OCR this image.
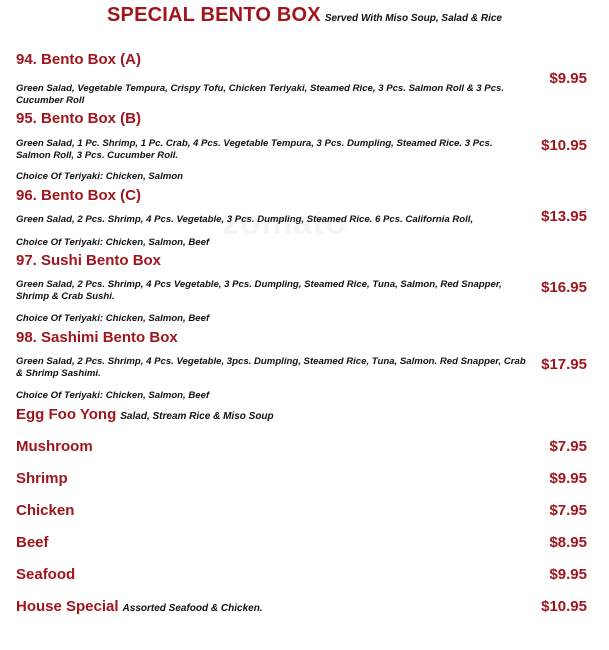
SPECIAL BENTO BOX Served With Miso Soup, Salad & Rice
94. Bento Box (A)
Green Salad, Vegetable Tempura, Crispy Tofu, Chicken Teriyaki, Steamed Rice, 3 Pcs. Salmon Roll & 3 Pcs. Cucumber Roll
$9.95
95. Bento Box (B)
Green Salad, 1 Pc. Shrimp, 1 Pc. Crab, 4 Pcs. Vegetable Tempura, 3 Pcs. Dumpling, Steamed Rice. 3 Pcs. Salmon Roll, 3 Pcs. Cucumber Roll.
Choice Of Teriyaki: Chicken, Salmon
$10.95
96. Bento Box (C)
Green Salad, 2 Pcs. Shrimp, 4 Pcs. Vegetable, 3 Pcs. Dumpling, Steamed Rice. 6 Pcs. California Roll,
Choice Of Teriyaki: Chicken, Salmon, Beef
$13.95
97. Sushi Bento Box
Green Salad, 2 Pcs. Shrimp, 4 Pcs Vegetable, 3 Pcs. Dumpling, Steamed Rice, Tuna, Salmon, Red Snapper, Shrimp & Crab Sushi.
Choice Of Teriyaki: Chicken, Salmon, Beef
$16.95
98. Sashimi Bento Box
Green Salad, 2 Pcs. Shrimp, 4 Pcs. Vegetable, 3pcs. Dumpling, Steamed Rice, Tuna, Salmon. Red Snapper, Crab & Shrimp Sashimi.
Choice Of Teriyaki: Chicken, Salmon, Beef
$17.95
Egg Foo Yong Salad, Stream Rice & Miso Soup
Mushroom	$7.95
Shrimp	$9.95
Chicken	$7.95
Beef	$8.95
Seafood	$9.95
House Special Assorted Seafood & Chicken.	$10.95
